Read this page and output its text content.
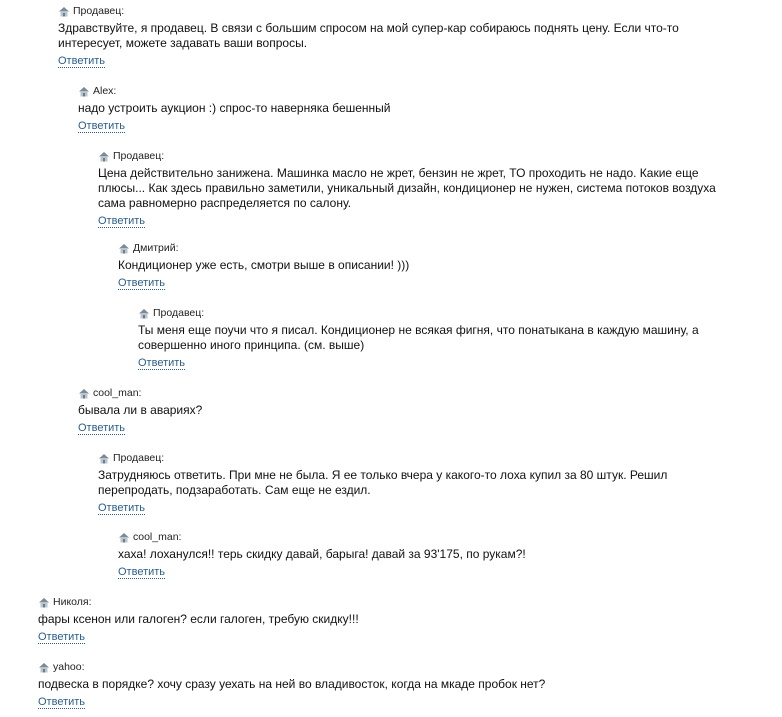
Продавец:
Здравствуйте, я продавец. В связи с большим спросом на мой супер-кар собираюсь поднять цену. Если что-то
интересует, можете задавать ваши вопросы.
Ответить
Alex:
надо устроить аукцион :) спрос-то наверняка бешенный
Ответить
Продавец:
Цена действительно занижена. Машинка масло не жрет, бензин не жрет, ТО проходить не надо. Какие еще
плюсы... Как здесь правильно заметили, уникальный дизайн, кондиционер не нужен, система потоков воздуха
сама равномерно распределяется по салону.
Ответить
Дмитрий:
Кондиционер уже есть, смотри выше в описании! )))
Ответить
Продавец:
Ты меня еще поучи что я писал. Кондиционер не всякая фигня, что понатыкана в каждую машину, а
совершенно иного принципа. (см. выше)
Ответить
cool_man:
бывала ли в авариях?
Ответить
Продавец:
Затрудняюсь ответить. При мне не была. Я ее только вчера у какого-то лоха купил за 80 штук. Решил
перепродать, подзаработать. Сам еще не ездил.
Ответить
cool_man:
хаха! лоханулся!! терь скидку давай, барыга! давай за 93'175, по рукам?!
Ответить
Николя:
фары ксенон или галоген? если галоген, требую скидку!!!
Ответить
yahoo:
подвеска в порядке? хочу сразу уехать на ней во владивосток, когда на мкаде пробок нет?
Ответить
